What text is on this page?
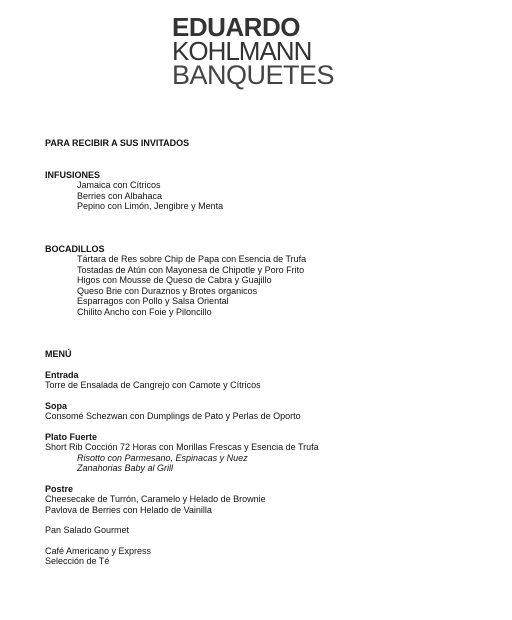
EDUARDO
KOHLMANN
BANQUETES
PARA RECIBIR A SUS INVITADOS
INFUSIONES
Jamaica con Cítricos
Berries con Albahaca
Pepino con Limón, Jengibre y Menta
BOCADILLOS
Tártara de Res sobre Chip de Papa con Esencia de Trufa
Tostadas de Atún con Mayonesa de Chipotle y Poro Frito
Higos con Mousse de Queso de Cabra y Guajillo
Queso Brie con Duraznos y Brotes organicos
Esparragos con Pollo y Salsa Oriental
Chilito Ancho con Foie y Piloncillo
MENÚ
Entrada
Torre de Ensalada de Cangrejo con Camote y Cítricos
Sopa
Consomé Schezwan con Dumplings de Pato y Perlas de Oporto
Plato Fuerte
Short Rib Cocción 72 Horas con Morillas Frescas y Esencia de Trufa
Risotto con Parmesano, Espinacas y Nuez
Zanahorias Baby al Grill
Postre
Cheesecake de Turrón, Caramelo y Helado de Brownie
Pavlova de Berries con Helado de Vainilla
Pan Salado Gourmet
Café Americano y Express
Selección de Té
